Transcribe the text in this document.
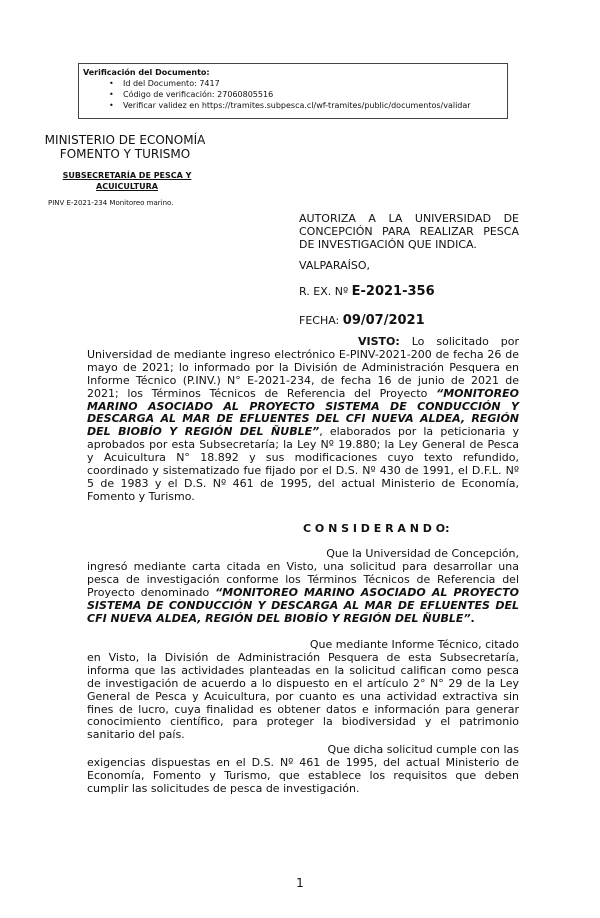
Verificación del Documento:
• Id del Documento: 7417
• Código de verificación: 27060805516
• Verificar validez en https://tramites.subpesca.cl/wf-tramites/public/documentos/validar
MINISTERIO DE ECONOMÍA
FOMENTO Y TURISMO
SUBSECRETARÍA DE PESCA Y
ACUICULTURA
PINV E-2021-234 Monitoreo marino.
AUTORIZA A LA UNIVERSIDAD DE CONCEPCIÓN PARA REALIZAR PESCA DE INVESTIGACIÓN QUE INDICA.
VALPARAÍSO,
R. EX. Nº E-2021-356
FECHA: 09/07/2021
VISTO: Lo solicitado por Universidad de mediante ingreso electrónico E-PINV-2021-200 de fecha 26 de mayo de 2021; lo informado por la División de Administración Pesquera en Informe Técnico (P.INV.) N° E-2021-234, de fecha 16 de junio de 2021 de 2021; los Términos Técnicos de Referencia del Proyecto “MONITOREO MARINO ASOCIADO AL PROYECTO SISTEMA DE CONDUCCIÓN Y DESCARGA AL MAR DE EFLUENTES DEL CFI NUEVA ALDEA, REGIÓN DEL BIOBÍO Y REGIÓN DEL ÑUBLE”, elaborados por la peticionaria y aprobados por esta Subsecretaría; la Ley Nº 19.880; la Ley General de Pesca y Acuicultura N° 18.892 y sus modificaciones cuyo texto refundido, coordinado y sistematizado fue fijado por el D.S. Nº 430 de 1991, el D.F.L. Nº 5 de 1983 y el D.S. Nº 461 de 1995, del actual Ministerio de Economía, Fomento y Turismo.
C O N S I D E R A N D O:
Que la Universidad de Concepción,
ingresó mediante carta citada en Visto, una solicitud para desarrollar una pesca de investigación conforme los Términos Técnicos de Referencia del Proyecto denominado “MONITOREO MARINO ASOCIADO AL PROYECTO SISTEMA DE CONDUCCIÓN Y DESCARGA AL MAR DE EFLUENTES DEL CFI NUEVA ALDEA, REGIÓN DEL BIOBÍO Y REGIÓN DEL ÑUBLE”.
Que mediante Informe Técnico, citado
en Visto, la División de Administración Pesquera de esta Subsecretaría, informa que las actividades planteadas en la solicitud califican como pesca de investigación de acuerdo a lo dispuesto en el artículo 2° N° 29 de la Ley General de Pesca y Acuicultura, por cuanto es una actividad extractiva sin fines de lucro, cuya finalidad es obtener datos e información para generar conocimiento científico, para proteger la biodiversidad y el patrimonio sanitario del país.
Que dicha solicitud cumple con las
exigencias dispuestas en el D.S. Nº 461 de 1995, del actual Ministerio de Economía, Fomento y Turismo, que establece los requisitos que deben cumplir las solicitudes de pesca de investigación.
1
